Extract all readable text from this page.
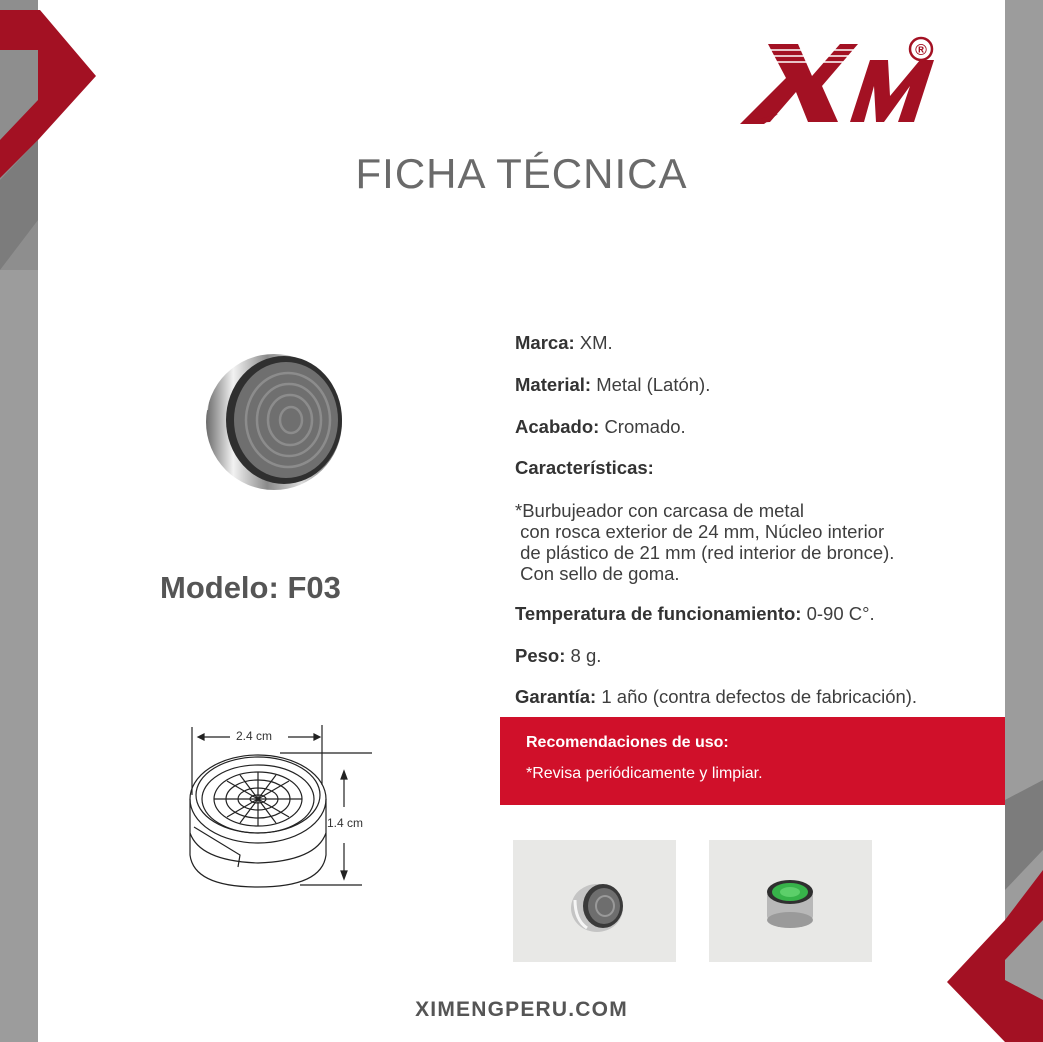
®
FICHA TÉCNICA
Modelo: F03
2.4 cm
1.4 cm
Marca: XM.
Material: Metal (Latón).
Acabado: Cromado.
Características:
*Burbujeador con carcasa de metal
con rosca exterior de 24 mm, Núcleo interior
de plástico de 21 mm (red interior de bronce).
Con sello de goma.
Temperatura de funcionamiento: 0-90 C°.
Peso: 8 g.
Garantía: 1 año (contra defectos de fabricación).
Recomendaciones de uso:
*Revisa periódicamente y limpiar.
XIMENGPERU.COM
